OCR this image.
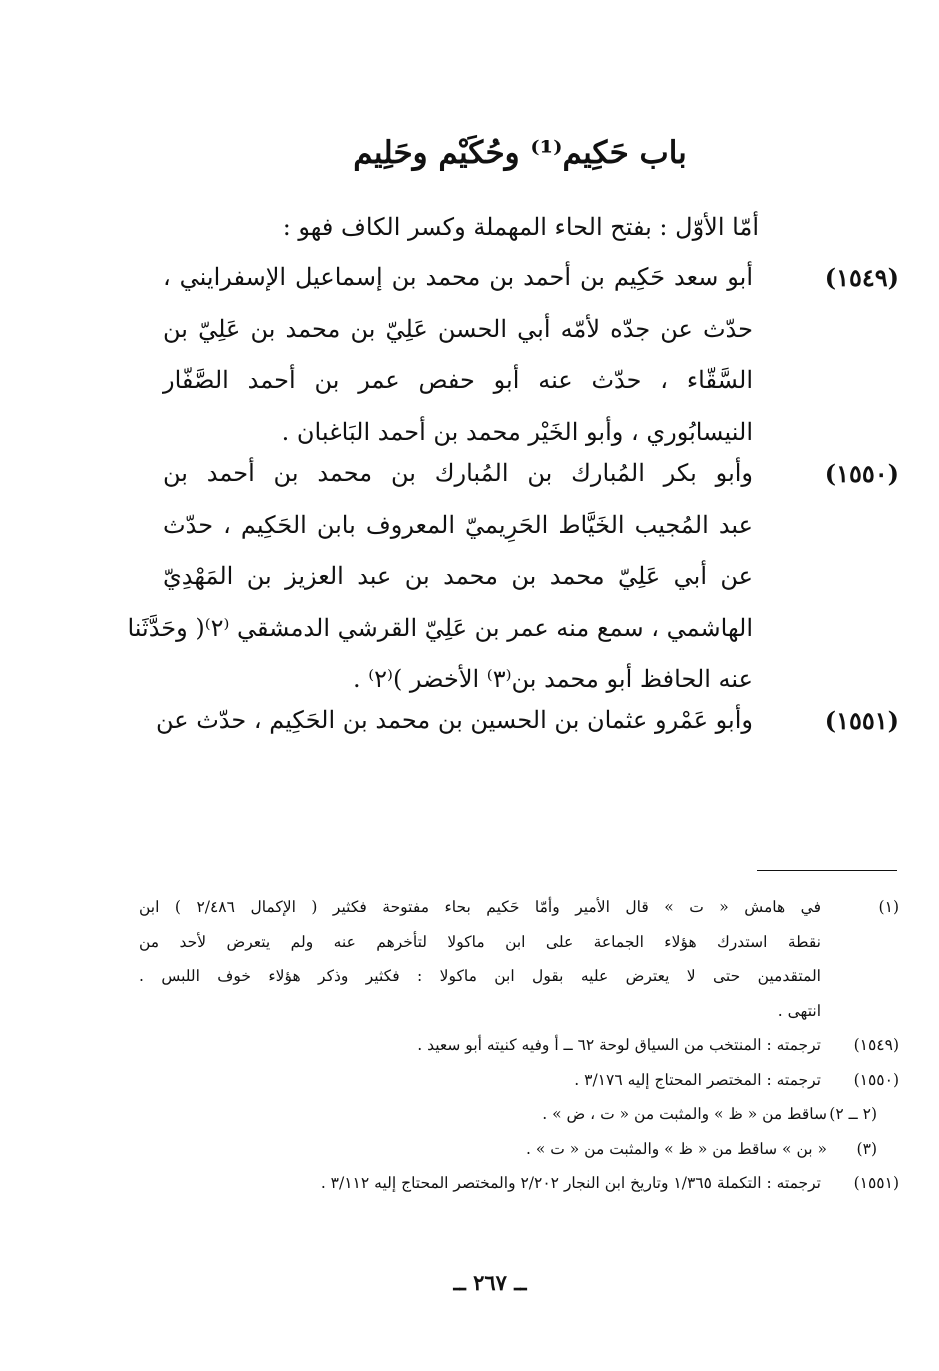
باب حَكِيم⁽¹⁾ وحُكَيْم وحَلِيم
أمّا الأوّل : بفتح الحاء المهملة وكسر الكاف فهو :
(١٥٤٩)
أبو سعد حَكِيم بن أحمد بن محمد بن إسماعيل الإسفرايني ،
حدّث عن جدّه لأمّه أبي الحسن عَلِيّ بن محمد بن عَلِيّ بن
السَّقّاء ، حدّث عنه أبو حفص عمر بن أحمد الصَّفّار
النيسابُوري ، وأبو الخَيْر محمد بن أحمد البَاغبان .
(١٥٥٠)
وأبو بكر المُبارك بن المُبارك بن محمد بن أحمد بن
عبد المُجيب الخَيَّاط الحَرِيميّ المعروف بابن الحَكِيم ، حدّث
عن أبي عَلِيّ محمد بن محمد بن عبد العزيز بن المَهْدِيّ
الهاشمي ، سمع منه عمر بن عَلِيّ القرشي الدمشقي ⁽٢⁾( وحَدَّثَنا
عنه الحافظ أبو محمد بن⁽٣⁾ الأخضر )⁽٢⁾ .
(١٥٥١)
وأبو عَمْرو عثمان بن الحسين بن محمد بن الحَكِيم ، حدّث عن
(١)
في هامش « ت » قال الأمير وأمّا حَكيم بحاء مفتوحة فكثير ( الإكمال ٢/٤٨٦ ) ابن
نقطة استدرك هؤلاء الجماعة على ابن ماكولا لتأخرهم عنه ولم يتعرض لأحد من
المتقدمين حتى لا يعترض عليه بقول ابن ماكولا : فكثير وذكر هؤلاء خوف اللبس .
انتهى .
(١٥٤٩)
ترجمته : المنتخب من السياق لوحة ٦٢ ــ أ وفيه كنيته أبو سعيد .
(١٥٥٠)
ترجمته : المختصر المحتاج إليه ٣/١٧٦ .
(٢ ــ ٢)
ساقط من « ظ » والمثبت من « ت ، ض » .
(٣)
« بن » ساقط من « ظ » والمثبت من « ت » .
(١٥٥١)
ترجمته : التكملة ١/٣٦٥ وتاريخ ابن النجار ٢/٢٠٢ والمختصر المحتاج إليه ٣/١١٢ .
ــ ٢٦٧ ــ
